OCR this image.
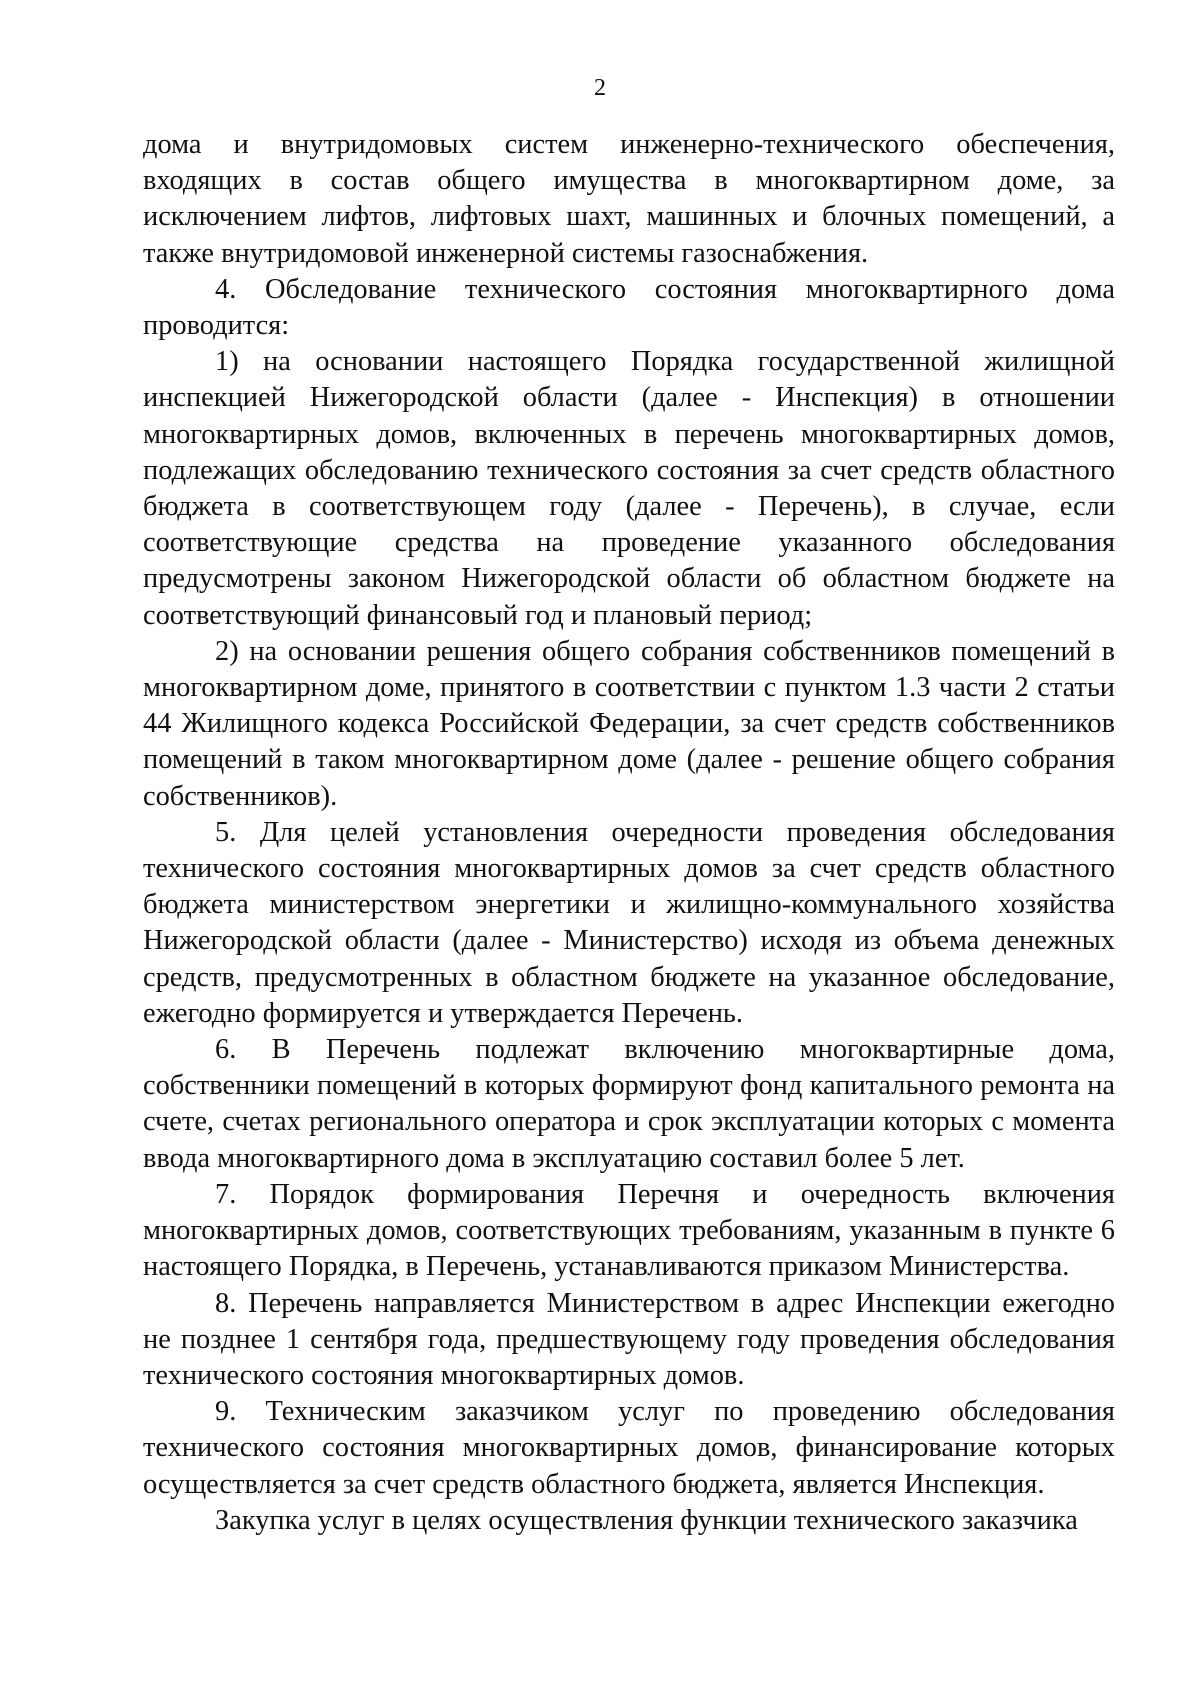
2

дома и внутридомовых систем инженерно-технического обеспечения, входящих в состав общего имущества в многоквартирном доме, за исключением лифтов, лифтовых шахт, машинных и блочных помещений, а также внутридомовой инженерной системы газоснабжения.

4. Обследование технического состояния многоквартирного дома проводится:

1) на основании настоящего Порядка государственной жилищной инспекцией Нижегородской области (далее - Инспекция) в отношении многоквартирных домов, включенных в перечень многоквартирных домов, подлежащих обследованию технического состояния за счет средств областного бюджета в соответствующем году (далее - Перечень), в случае, если соответствующие средства на проведение указанного обследования предусмотрены законом Нижегородской области об областном бюджете на соответствующий финансовый год и плановый период;

2) на основании решения общего собрания собственников помещений в многоквартирном доме, принятого в соответствии с пунктом 1.3 части 2 статьи 44 Жилищного кодекса Российской Федерации, за счет средств собственников помещений в таком многоквартирном доме (далее - решение общего собрания собственников).

5. Для целей установления очередности проведения обследования технического состояния многоквартирных домов за счет средств областного бюджета министерством энергетики и жилищно-коммунального хозяйства Нижегородской области (далее - Министерство) исходя из объема денежных средств, предусмотренных в областном бюджете на указанное обследование, ежегодно формируется и утверждается Перечень.

6. В Перечень подлежат включению многоквартирные дома, собственники помещений в которых формируют фонд капитального ремонта на счете, счетах регионального оператора и срок эксплуатации которых с момента ввода многоквартирного дома в эксплуатацию составил более 5 лет.

7. Порядок формирования Перечня и очередность включения многоквартирных домов, соответствующих требованиям, указанным в пункте 6 настоящего Порядка, в Перечень, устанавливаются приказом Министерства.

8. Перечень направляется Министерством в адрес Инспекции ежегодно не позднее 1 сентября года, предшествующему году проведения обследования технического состояния многоквартирных домов.

9. Техническим заказчиком услуг по проведению обследования технического состояния многоквартирных домов, финансирование которых осуществляется за счет средств областного бюджета, является Инспекция.

Закупка услуг в целях осуществления функции технического заказчика
